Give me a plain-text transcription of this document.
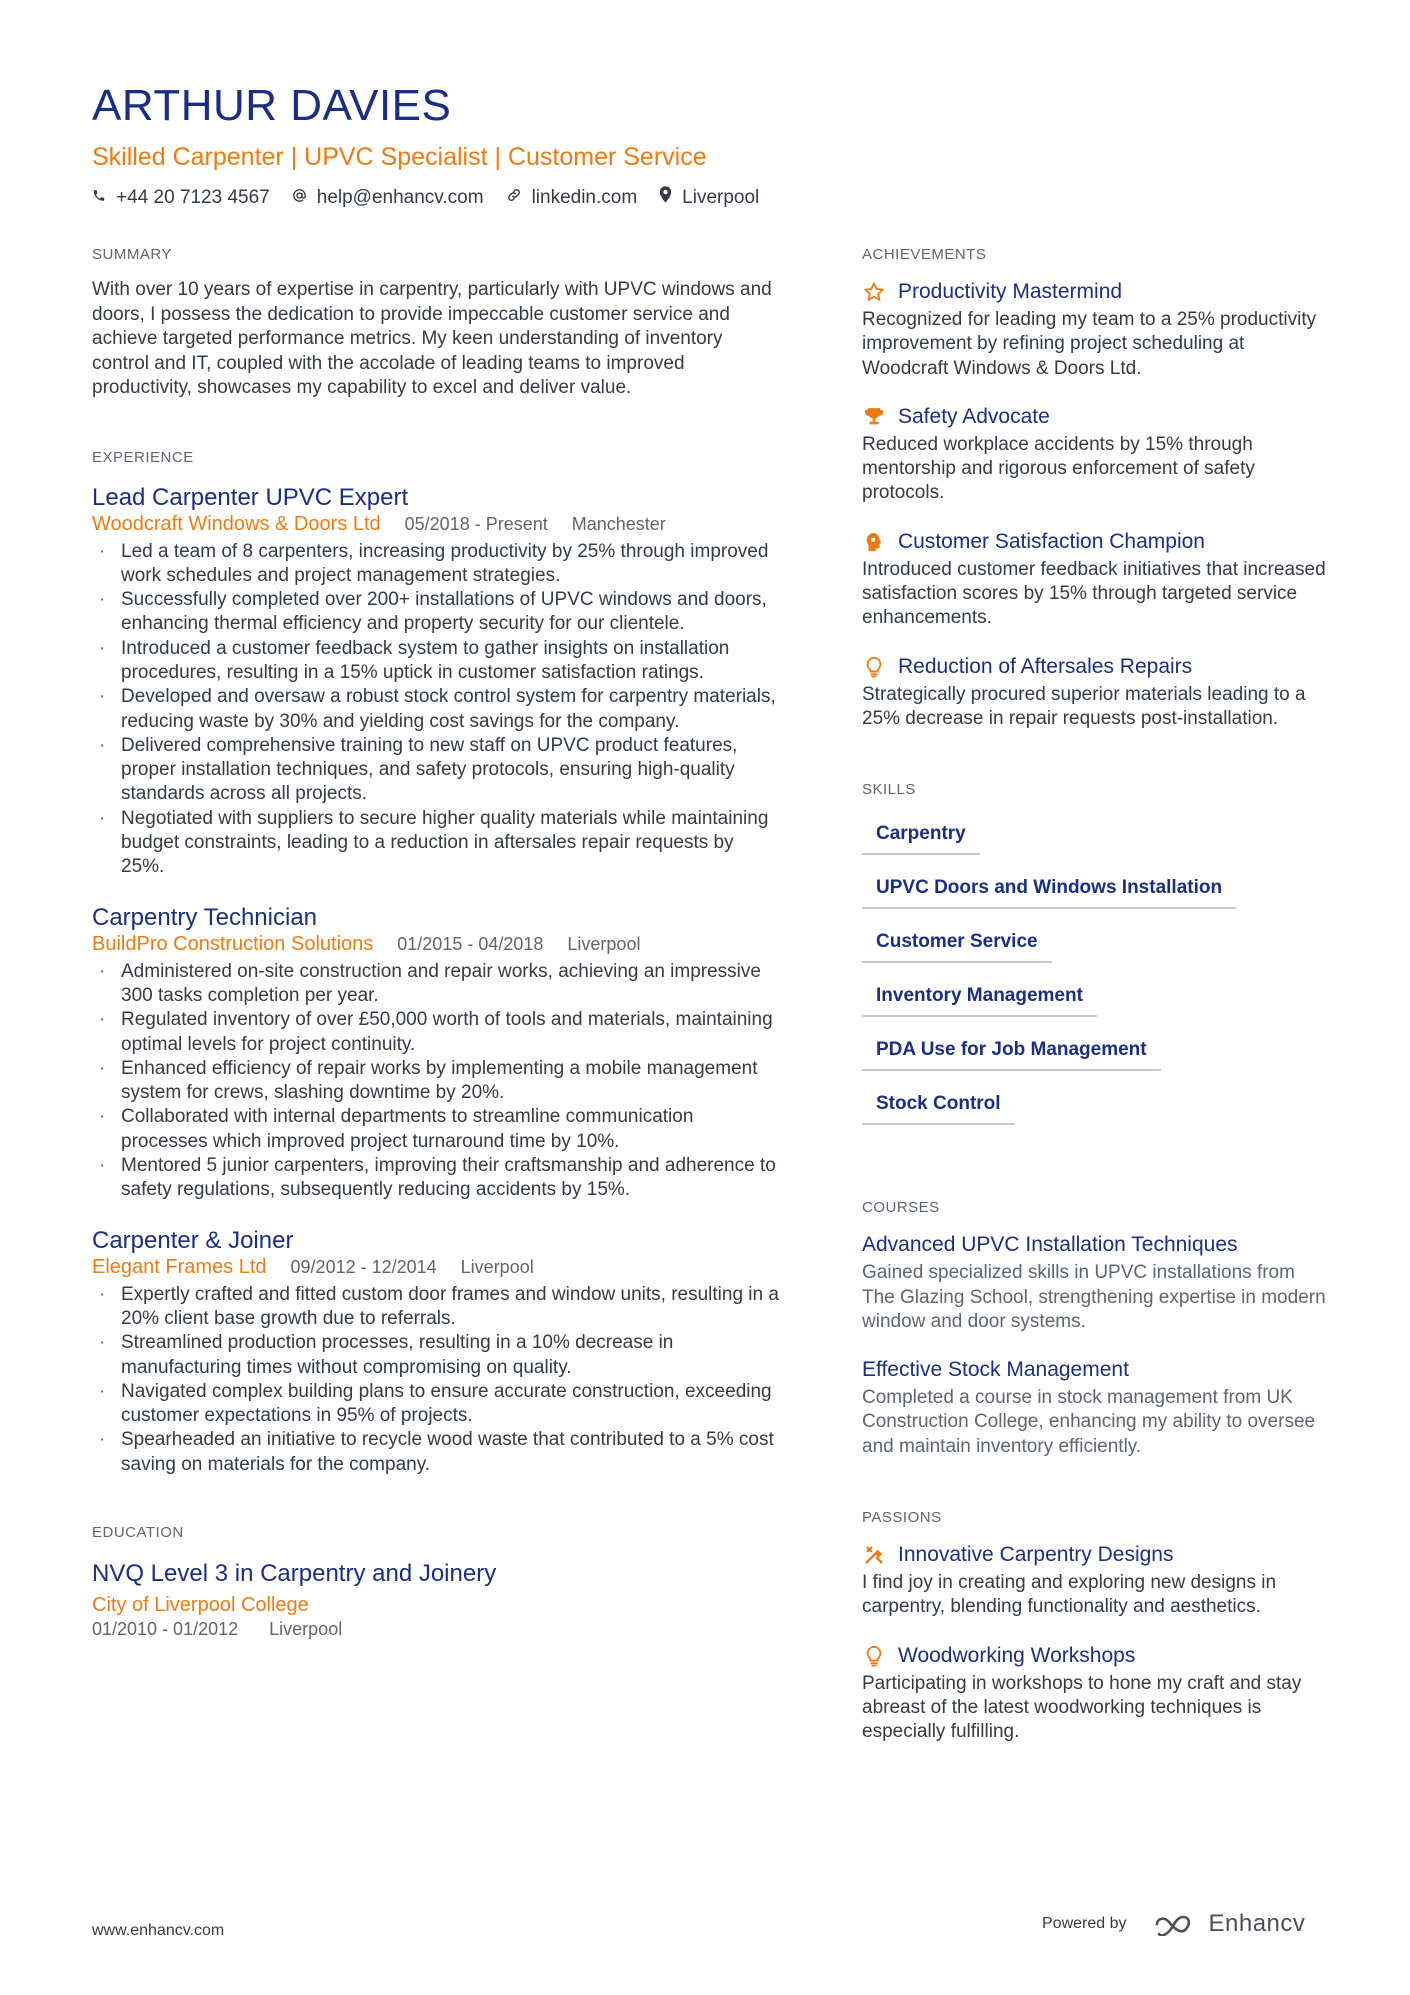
ARTHUR DAVIES
Skilled Carpenter | UPVC Specialist | Customer Service
+44 20 7123 4567 help@enhancv.com	linkedin.com Liverpool
SUMMARY
With over 10 years of expertise in carpentry, particularly with UPVC windows and doors, I possess the dedication to provide impeccable customer service and achieve targeted performance metrics. My keen understanding of inventory control and IT, coupled with the accolade of leading teams to improved productivity, showcases my capability to excel and deliver value.
EXPERIENCE
Lead Carpenter UPVC Expert
Woodcraft Windows & Doors Ltd 05/2018 - Present Manchester
· Led a team of 8 carpenters, increasing productivity by 25% through improved work schedules and project management strategies.
· Successfully completed over 200+ installations of UPVC windows and doors, enhancing thermal efficiency and property security for our clientele.
· Introduced a customer feedback system to gather insights on installation procedures, resulting in a 15% uptick in customer satisfaction ratings.
· Developed and oversaw a robust stock control system for carpentry materials, reducing waste by 30% and yielding cost savings for the company.
· Delivered comprehensive training to new staff on UPVC product features, proper installation techniques, and safety protocols, ensuring high-quality standards across all projects.
· Negotiated with suppliers to secure higher quality materials while maintaining budget constraints, leading to a reduction in aftersales repair requests by 25%.
Carpentry Technician
BuildPro Construction Solutions 01/2015 - 04/2018 Liverpool
· Administered on-site construction and repair works, achieving an impressive 300 tasks completion per year.
· Regulated inventory of over £50,000 worth of tools and materials, maintaining optimal levels for project continuity.
· Enhanced efficiency of repair works by implementing a mobile management system for crews, slashing downtime by 20%.
· Collaborated with internal departments to streamline communication processes which improved project turnaround time by 10%.
· Mentored 5 junior carpenters, improving their craftsmanship and adherence to safety regulations, subsequently reducing accidents by 15%.
Carpenter & Joiner
Elegant Frames Ltd 09/2012 - 12/2014 Liverpool
· Expertly crafted and fitted custom door frames and window units, resulting in a 20% client base growth due to referrals.
· Streamlined production processes, resulting in a 10% decrease in manufacturing times without compromising on quality.
· Navigated complex building plans to ensure accurate construction, exceeding customer expectations in 95% of projects.
· Spearheaded an initiative to recycle wood waste that contributed to a 5% cost saving on materials for the company.
EDUCATION
NVQ Level 3 in Carpentry and Joinery
City of Liverpool College
01/2010 - 01/2012 Liverpool
ACHIEVEMENTS
Productivity Mastermind
Recognized for leading my team to a 25% productivity improvement by refining project scheduling at Woodcraft Windows & Doors Ltd.
Safety Advocate
Reduced workplace accidents by 15% through mentorship and rigorous enforcement of safety protocols.
Customer Satisfaction Champion
Introduced customer feedback initiatives that increased satisfaction scores by 15% through targeted service enhancements.
Reduction of Aftersales Repairs
Strategically procured superior materials leading to a 25% decrease in repair requests post-installation.
SKILLS
Carpentry
UPVC Doors and Windows Installation
Customer Service
Inventory Management
PDA Use for Job Management
Stock Control
COURSES
Advanced UPVC Installation Techniques
Gained specialized skills in UPVC installations from The Glazing School, strengthening expertise in modern window and door systems.
Effective Stock Management
Completed a course in stock management from UK Construction College, enhancing my ability to oversee and maintain inventory efficiently.
PASSIONS
Innovative Carpentry Designs
I find joy in creating and exploring new designs in carpentry, blending functionality and aesthetics.
Woodworking Workshops
Participating in workshops to hone my craft and stay abreast of the latest woodworking techniques is especially fulfilling.
www.enhancv.com	Powered by	Enhancv
